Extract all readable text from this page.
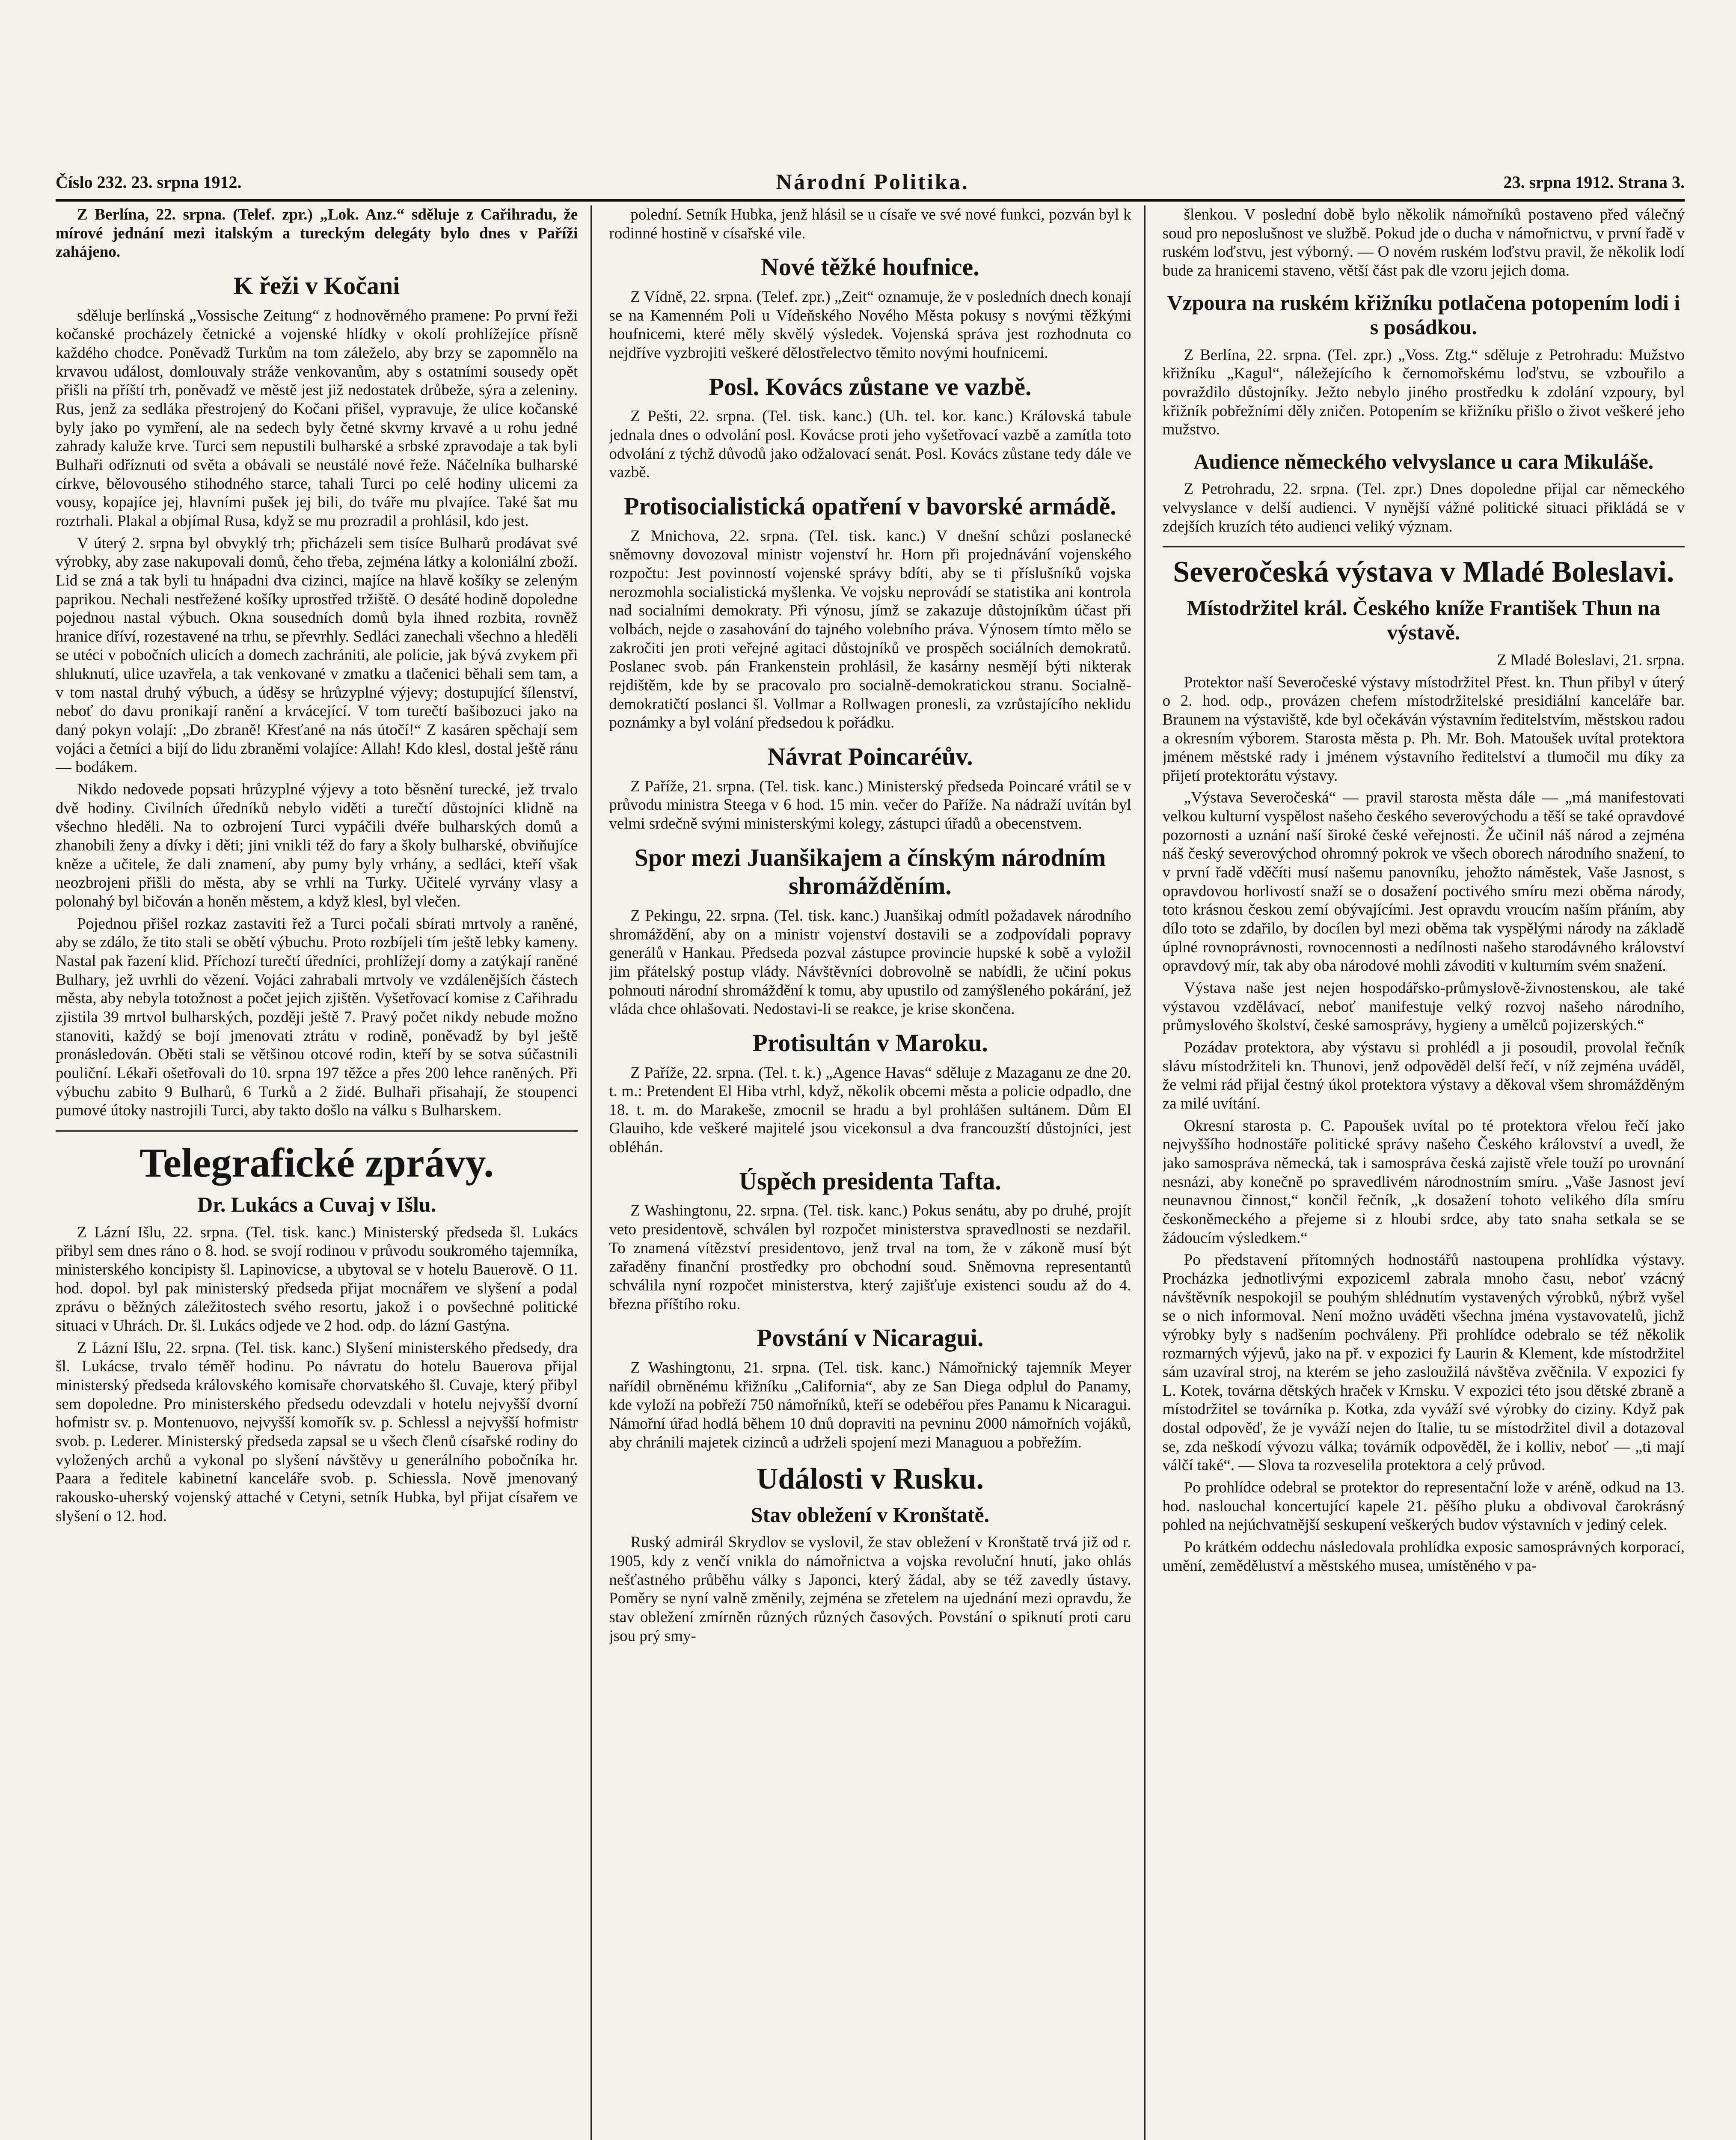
Číslo 232. 23. srpna 1912.	Národní Politika.	23. srpna 1912. Strana 3.

Z Berlína, 22. srpna. (Telef. zpr.) „Lok. Anz.“ sděluje z Cařihradu, že mírové jednání mezi italským a tureckým delegáty bylo dnes v Paříži zahájeno.

K řeži v Kočani

sděluje berlínská „Vossische Zeitung“ z hodnověrného pramene: Po první řeži kočanské procházely četnické a vojenské hlídky v okolí prohlížejíce přísně každého chodce. Poněvadž Turkům na tom záleželo, aby brzy se zapomnělo na krvavou událost, domlouvaly stráže venkovanům, aby s ostatními sousedy opět přišli na příští trh, poněvadž ve městě jest již nedostatek drůbeže, sýra a zeleniny. Rus, jenž za sedláka přestrojený do Kočani přišel, vypravuje, že ulice kočanské byly jako po vymření, ale na sedech byly četné skvrny krvavé a u rohu jedné zahrady kaluže krve. Turci sem nepustili bulharské a srbské zpravodaje a tak byli Bulhaři odříznuti od světa a obávali se neustálé nové řeže. Náčelníka bulharské církve, bělovousého stihodného starce, tahali Turci po celé hodiny ulicemi za vousy, kopajíce jej, hlavními pušek jej bili, do tváře mu plvajíce. Také šat mu roztrhali. Plakal a objímal Rusa, když se mu prozradil a prohlásil, kdo jest.

V úterý 2. srpna byl obvyklý trh; přicházeli sem tisíce Bulharů prodávat své výrobky, aby zase nakupovali domů, čeho třeba, zejména látky a koloniální zboží. Lid se zná a tak byli tu hnápadni dva cizinci, majíce na hlavě košíky se zeleným paprikou. Nechali nestřežené košíky uprostřed tržiště. O desáté hodině dopoledne pojednou nastal výbuch. Okna sousedních domů byla ihned rozbita, rovněž hranice dříví, rozestavené na trhu, se převrhly. Sedláci zanechali všechno a hleděli se utéci v pobočních ulicích a domech zachrániti, ale policie, jak bývá zvykem při shluknutí, ulice uzavřela, a tak venkované v zmatku a tlačenici běhali sem tam, a v tom nastal druhý výbuch, a úděsy se hrůzyplné výjevy; dostupující šílenství, neboť do davu pronikají ranění a krvácející. V tom turečtí bašibozuci jako na daný pokyn volají: „Do zbraně! Křesťané na nás útočí!“ Z kasáren spěchají sem vojáci a četníci a bijí do lidu zbraněmi volajíce: Allah! Kdo klesl, dostal ještě ránu — bodákem.

Nikdo nedovede popsati hrůzyplné výjevy a toto běsnění turecké, jež trvalo dvě hodiny. Civilních úředníků nebylo viděti a turečtí důstojníci klidně na všechno hleděli. Na to ozbrojení Turci vypáčili dvéře bulharských domů a zhanobili ženy a dívky i děti; jini vnikli též do fary a školy bulharské, obviňujíce kněze a učitele, že dali znamení, aby pumy byly vrhány, a sedláci, kteří však neozbrojeni přišli do města, aby se vrhli na Turky. Učitelé vyrvány vlasy a polonahý byl bičován a honěn městem, a když klesl, byl vlečen.

Pojednou přišel rozkaz zastaviti řež a Turci počali sbírati mrtvoly a raněné, aby se zdálo, že tito stali se obětí výbuchu. Proto rozbíjeli tím ještě lebky kameny. Nastal pak řazení klid. Příchozí turečtí úředníci, prohlížejí domy a zatýkají raněné Bulhary, jež uvrhli do vězení. Vojáci zahrabali mrtvoly ve vzdálenějších částech města, aby nebyla totožnost a počet jejich zjištěn. Vyšetřovací komise z Cařihradu zjistila 39 mrtvol bulharských, později ještě 7. Pravý počet nikdy nebude možno stanoviti, každý se bojí jmenovati ztrátu v rodině, poněvadž by byl ještě pronásledován. Oběti stali se většinou otcové rodin, kteří by se sotva súčastnili pouliční. Lékaři ošetřovali do 10. srpna 197 těžce a přes 200 lehce raněných. Při výbuchu zabito 9 Bulharů, 6 Turků a 2 židé. Bulhaři přisahají, že stoupenci pumové útoky nastrojili Turci, aby takto došlo na válku s Bulharskem.

Telegrafické zprávy.
Dr. Lukács a Cuvaj v Išlu.

Z Lázní Išlu, 22. srpna. (Tel. tisk. kanc.) Ministerský předseda šl. Lukács přibyl sem dnes ráno o 8. hod. se svojí rodinou v průvodu soukromého tajemníka, ministerského koncipisty šl. Lapinovicse, a ubytoval se v hotelu Bauerově. O 11. hod. dopol. byl pak ministerský předseda přijat mocnářem ve slyšení a podal zprávu o běžných záležitostech svého resortu, jakož i o povšechné politické situaci v Uhrách. Dr. šl. Lukács odjede ve 2 hod. odp. do lázní Gastýna.

Z Lázní Išlu, 22. srpna. (Tel. tisk. kanc.) Slyšení ministerského předsedy, dra šl. Lukácse, trvalo téměř hodinu. Po návratu do hotelu Bauerova přijal ministerský předseda královského komisaře chorvatského šl. Cuvaje, který přibyl sem dopoledne. Pro ministerského předsedu odevzdali v hotelu nejvyšší dvorní hofmistr sv. p. Montenuovo, nejvyšší komořík sv. p. Schlessl a nejvyšší hofmistr svob. p. Lederer. Ministerský předseda zapsal se u všech členů císařské rodiny do vyložených archů a vykonal po slyšení návštěvy u generálního pobočníka hr. Paara a ředitele kabinetní kanceláře svob. p. Schiessla. Nově jmenovaný rakousko-uherský vojenský attaché v Cetyni, setník Hubka, byl přijat císařem ve slyšení o 12. hod.

polední. Setník Hubka, jenž hlásil se u císaře ve své nové funkci, pozván byl k rodinné hostině v císařské vile.

Nové těžké houfnice.

Z Vídně, 22. srpna. (Telef. zpr.) „Zeit“ oznamuje, že v posledních dnech konají se na Kamenném Poli u Vídeňského Nového Města pokusy s novými těžkými houfnicemi, které měly skvělý výsledek. Vojenská správa jest rozhodnuta co nejdříve vyzbrojiti veškeré dělostřelectvo těmito novými houfnicemi.

Posl. Kovács zůstane ve vazbě.

Z Pešti, 22. srpna. (Tel. tisk. kanc.) (Uh. tel. kor. kanc.) Královská tabule jednala dnes o odvolání posl. Kovácse proti jeho vyšetřovací vazbě a zamítla toto odvolání z týchž důvodů jako odžalovací senát. Posl. Kovács zůstane tedy dále ve vazbě.

Protisocialistická opatření v bavorské armádě.

Z Mnichova, 22. srpna. (Tel. tisk. kanc.) V dnešní schůzi poslanecké sněmovny dovozoval ministr vojenství hr. Horn při projednávání vojenského rozpočtu: Jest povinností vojenské správy bdíti, aby se ti příslušníků vojska nerozmohla socialistická myšlenka. Ve vojsku neprovádí se statistika ani kontrola nad socialními demokraty. Při výnosu, jímž se zakazuje důstojníkům účast při volbách, nejde o zasahování do tajného volebního práva. Výnosem tímto mělo se zakročiti jen proti veřejné agitaci důstojníků ve prospěch sociálních demokratů. Poslanec svob. pán Frankenstein prohlásil, že kasárny nesmějí býti nikterak rejdištěm, kde by se pracovalo pro socialně-demokratickou stranu. Socialně-demokratičtí poslanci šl. Vollmar a Rollwagen pronesli, za vzrůstajícího neklidu poznámky a byl volání předsedou k pořádku.

Návrat Poincaréův.

Z Paříže, 21. srpna. (Tel. tisk. kanc.) Ministerský předseda Poincaré vrátil se v průvodu ministra Steega v 6 hod. 15 min. večer do Paříže. Na nádraží uvítán byl velmi srdečně svými ministerskými kolegy, zástupci úřadů a obecenstvem.

Spor mezi Juanšikajem a čínským národním shromážděním.

Z Pekingu, 22. srpna. (Tel. tisk. kanc.) Juanšikaj odmítl požadavek národního shromáždění, aby on a ministr vojenství dostavili se a zodpovídali popravy generálů v Hankau. Předseda pozval zástupce provincie hupské k sobě a vyložil jim přátelský postup vlády. Návštěvníci dobrovolně se nabídli, že učiní pokus pohnouti národní shromáždění k tomu, aby upustilo od zamýšleného pokárání, jež vláda chce ohlašovati. Nedostavi-li se reakce, je krise skončena.

Protisultán v Maroku.

Z Paříže, 22. srpna. (Tel. t. k.) „Agence Havas“ sděluje z Mazaganu ze dne 20. t. m.: Pretendent El Hiba vtrhl, když, několik obcemi města a policie odpadlo, dne 18. t. m. do Marakeše, zmocnil se hradu a byl prohlášen sultánem. Dům El Glauiho, kde veškeré majitelé jsou vicekonsul a dva francouzští důstojníci, jest obléhán.

Úspěch presidenta Tafta.

Z Washingtonu, 22. srpna. (Tel. tisk. kanc.) Pokus senátu, aby po druhé, projít veto presidentově, schválen byl rozpočet ministerstva spravedlnosti se nezdařil. To znamená vítězství presidentovo, jenž trval na tom, že v zákoně musí být zařaděny finanční prostředky pro obchodní soud. Sněmovna representantů schválila nyní rozpočet ministerstva, který zajišťuje existenci soudu až do 4. března příštího roku.

Povstání v Nicaragui.

Z Washingtonu, 21. srpna. (Tel. tisk. kanc.) Námořnický tajemník Meyer nařídil obrněnému křižníku „California“, aby ze San Diega odplul do Panamy, kde vyloží na pobřeží 750 námořníků, kteří se odebéřou přes Panamu k Nicaragui. Námořní úřad hodlá během 10 dnů dopraviti na pevninu 2000 námořních vojáků, aby chránili majetek cizinců a udrželi spojení mezi Managuou a pobřežím.

Události v Rusku.
Stav obležení v Kronštatě.

Ruský admirál Skrydlov se vyslovil, že stav obležení v Kronštatě trvá již od r. 1905, kdy z venčí vnikla do námořnictva a vojska revoluční hnutí, jako ohlás nešťastného průběhu války s Japonci, který žádal, aby se též zavedly ústavy. Poměry se nyní valně změnily, zejména se zřetelem na ujednání mezi opravdu, že stav obležení zmírněn různých různých časových. Povstání o spiknutí proti caru jsou prý smy-

šlenkou. V poslední době bylo několik námořníků postaveno před válečný soud pro neposlušnost ve službě. Pokud jde o ducha v námořnictvu, v první řadě v ruském loďstvu, jest výborný. — O novém ruském loďstvu pravil, že několik lodí bude za hranicemi staveno, větší část pak dle vzoru jejich doma.

Vzpoura na ruském křižníku potlačena potopením lodi i s posádkou.

Z Berlína, 22. srpna. (Tel. zpr.) „Voss. Ztg.“ sděluje z Petrohradu: Mužstvo křižníku „Kagul“, náležejícího k černomořskému loďstvu, se vzbouřilo a povraždilo důstojníky. Ježto nebylo jiného prostředku k zdolání vzpoury, byl křižník pobřežními děly zničen. Potopením se křižníku přišlo o život veškeré jeho mužstvo.

Audience německého velvyslance u cara Mikuláše.

Z Petrohradu, 22. srpna. (Tel. zpr.) Dnes dopoledne přijal car německého velvyslance v delší audienci. V nynější vážné politické situaci přikládá se v zdejších kruzích této audienci veliký význam.

Severočeská výstava v Mladé Boleslavi.
Místodržitel král. Českého kníže František Thun na výstavě.

Z Mladé Boleslavi, 21. srpna.

Protektor naší Severočeské výstavy místodržitel Přest. kn. Thun přibyl v úterý o 2. hod. odp., provázen chefem místodržitelské presidiální kanceláře bar. Braunem na výstaviště, kde byl očekáván výstavním ředitelstvím, městskou radou a okresním výborem. Starosta města p. Ph. Mr. Boh. Matoušek uvítal protektora jménem městské rady i jménem výstavního ředitelství a tlumočil mu díky za přijetí protektorátu výstavy.

„Výstava Severočeská“ — pravil starosta města dále — „má manifestovati velkou kulturní vyspělost našeho českého severovýchodu a těší se také opravdové pozornosti a uznání naší široké české veřejnosti. Že učinil náš národ a zejména náš český severovýchod ohromný pokrok ve všech oborech národního snažení, to v první řadě vděčíti musí našemu panovníku, jehožto náměstek, Vaše Jasnost, s opravdovou horlivostí snaží se o dosažení poctivého smíru mezi oběma národy, toto krásnou českou zemí obývajícími. Jest opravdu vroucím naším přáním, aby dílo toto se zdařilo, by docílen byl mezi oběma tak vyspělými národy na základě úplné rovnoprávnosti, rovnocennosti a nedílnosti našeho starodávného království opravdový mír, tak aby oba národové mohli závoditi v kulturním svém snažení.

Výstava naše jest nejen hospodářsko-průmyslově-živnostenskou, ale také výstavou vzdělávací, neboť manifestuje velký rozvoj našeho národního, průmyslového školství, české samosprávy, hygieny a umělců pojizerských.“

Pozádav protektora, aby výstavu si prohlédl a ji posoudil, provolal řečník slávu místodržiteli kn. Thunovi, jenž odpověděl delší řečí, v níž zejména uváděl, že velmi rád přijal čestný úkol protektora výstavy a děkoval všem shromážděným za milé uvítání.

Okresní starosta p. C. Papoušek uvítal po té protektora vřelou řečí jako nejvyššího hodnostáře politické správy našeho Českého království a uvedl, že jako samospráva německá, tak i samospráva česká zajistě vřele touží po urovnání nesnázi, aby konečně po spravedlivém národnostním smíru. „Vaše Jasnost jeví neunavnou činnost,“ končil řečník, „k dosažení tohoto velikého díla smíru českoněmeckého a přejeme si z hloubi srdce, aby tato snaha setkala se se žádoucím výsledkem.“

Po představení přítomných hodnostářů nastoupena prohlídka výstavy. Procházka jednotlivými expoziceml zabrala mnoho času, neboť vzácný návštěvník nespokojil se pouhým shlédnutím vystavených výrobků, nýbrž vyšel se o nich informoval. Není možno uváděti všechna jména vystavovatelů, jichž výrobky byly s nadšením pochváleny. Při prohlídce odebralo se též několik rozmarných výjevů, jako na př. v expozici fy Laurin & Klement, kde místodržitel sám uzavíral stroj, na kterém se jeho zasloužilá návštěva zvěčnila. V expozici fy L. Kotek, továrna dětských hraček v Krnsku. V expozici této jsou dětské zbraně a místodržitel se továrníka p. Kotka, zda vyváží své výrobky do ciziny. Když pak dostal odpověď, že je vyváží nejen do Italie, tu se místodržitel divil a dotazoval se, zda neškodí vývozu válka; továrník odpověděl, že i kolliv, neboť — „ti mají válčí také“. — Slova ta rozveselila protektora a celý průvod.

Po prohlídce odebral se protektor do representační lože v aréně, odkud na 13. hod. naslouchal koncertující kapele 21. pěšího pluku a obdivoval čarokrásný pohled na nejúchvatnější seskupení veškerých budov výstavních v jediný celek.

Po krátkém oddechu následovala prohlídka exposic samosprávných korporací, umění, zeměděluství a městského musea, umístěného v pa-
